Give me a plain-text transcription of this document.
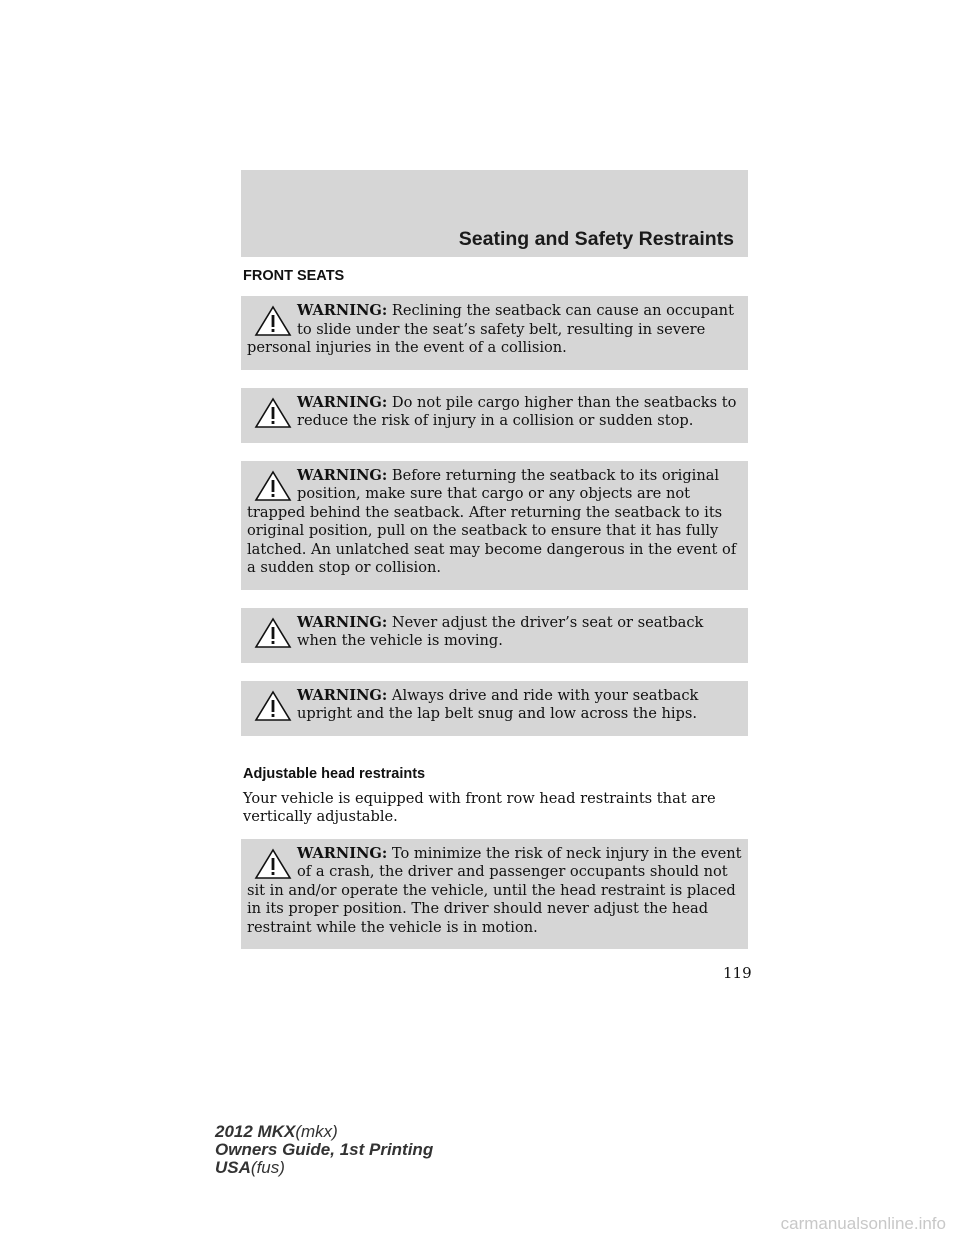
Seating and Safety Restraints
FRONT SEATS
WARNING: Reclining the seatback can cause an occupant to slide under the seat’s safety belt, resulting in severe personal injuries in the event of a collision.
WARNING: Do not pile cargo higher than the seatbacks to reduce the risk of injury in a collision or sudden stop.
WARNING: Before returning the seatback to its original position, make sure that cargo or any objects are not trapped behind the seatback. After returning the seatback to its original position, pull on the seatback to ensure that it has fully latched. An unlatched seat may become dangerous in the event of a sudden stop or collision.
WARNING: Never adjust the driver’s seat or seatback when the vehicle is moving.
WARNING: Always drive and ride with your seatback upright and the lap belt snug and low across the hips.
Adjustable head restraints

Your vehicle is equipped with front row head restraints that are vertically adjustable.

WARNING: To minimize the risk of neck injury in the event of a crash, the driver and passenger occupants should not sit in and/or operate the vehicle, until the head restraint is placed in its proper position. The driver should never adjust the head restraint while the vehicle is in motion.
119
2012 MKX(mkx)
Owners Guide, 1st Printing
USA(fus)
carmanualsonline.info
